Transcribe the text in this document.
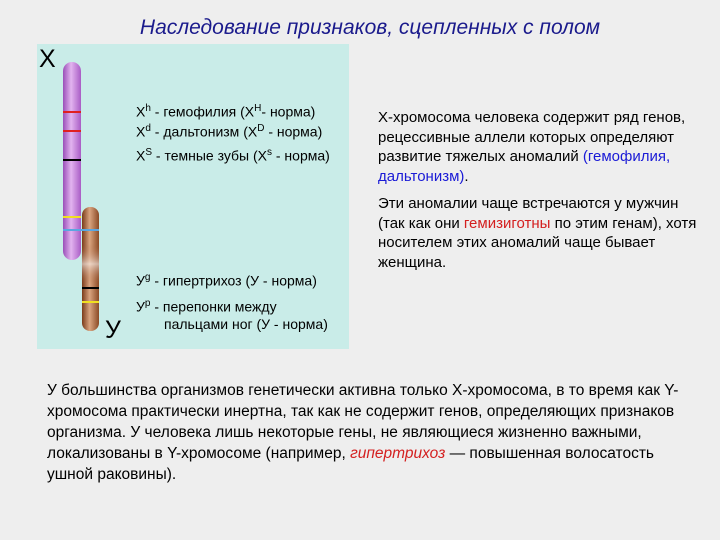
Наследование признаков, сцепленных с полом
X
У
$X^h$ - гемофилия ($X^H-$ норма)
$X^d$ - дальтонизм ($X^D$ - норма)
$X^S$ - темные зубы ($X^s$ - норма)
$У^g$ - гипертрихоз (У - норма)
$У^p$ - перепонки между
пальцами ног (У - норма)

Х-хромосома человека содержит ряд генов, рецессивные аллели которых определяют развитие тяжелых аномалий (гемофилия, дальтонизм).

Эти аномалии чаще встречаются у мужчин (так как они гемизиготны по этим генам), хотя носителем этих аномалий чаще бывает женщина.

У большинства организмов генетически активна только Х-хромосома, в то время как Y-хромосома практически инертна, так как не содержит генов, определяющих признаков организма. У человека лишь некоторые гены, не являющиеся жизненно важными, локализованы в Y-хромосоме (например, гипертрихоз — повышенная волосатость ушной раковины).
